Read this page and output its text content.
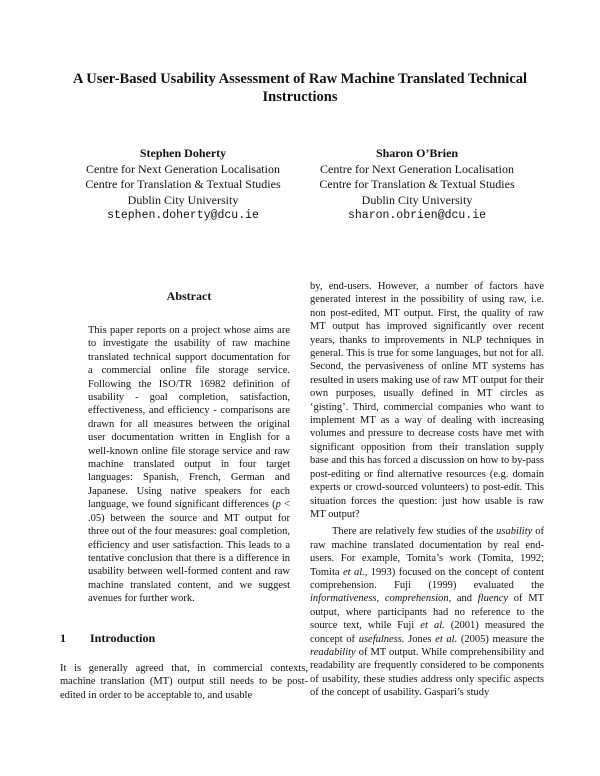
A User-Based Usability Assessment of Raw Machine Translated Technical Instructions
Stephen Doherty
Centre for Next Generation Localisation
Centre for Translation & Textual Studies
Dublin City University
stephen.doherty@dcu.ie
Sharon O’Brien
Centre for Next Generation Localisation
Centre for Translation & Textual Studies
Dublin City University
sharon.obrien@dcu.ie
Abstract

This paper reports on a project whose aims are to investigate the usability of raw machine translated technical support documentation for a commercial online file storage service. Following the ISO/TR 16982 definition of usability - goal completion, satisfaction, effectiveness, and efficiency - comparisons are drawn for all measures between the original user documentation written in English for a well-known online file storage service and raw machine translated output in four target languages: Spanish, French, German and Japanese. Using native speakers for each language, we found significant differences (p < .05) between the source and MT output for three out of the four measures: goal completion, efficiency and user satisfaction. This leads to a tentative conclusion that there is a difference in usability between well-formed content and raw machine translated content, and we suggest avenues for further work.

1 Introduction

It is generally agreed that, in commercial contexts, machine translation (MT) output still needs to be post-edited in order to be acceptable to, and usable

by, end-users. However, a number of factors have generated interest in the possibility of using raw, i.e. non post-edited, MT output. First, the quality of raw MT output has improved significantly over recent years, thanks to improvements in NLP techniques in general. This is true for some languages, but not for all. Second, the pervasiveness of online MT systems has resulted in users making use of raw MT output for their own purposes, usually defined in MT circles as ‘gisting’. Third, commercial companies who want to implement MT as a way of dealing with increasing volumes and pressure to decrease costs have met with significant opposition from their translation supply base and this has forced a discussion on how to by-pass post-editing or find alternative resources (e.g. domain experts or crowd-sourced volunteers) to post-edit. This situation forces the question: just how usable is raw MT output?

There are relatively few studies of the usability of raw machine translated documentation by real end-users. For example, Tomita’s work (Tomita, 1992; Tomita et al., 1993) focused on the concept of content comprehension. Fuji (1999) evaluated the informativeness, comprehension, and fluency of MT output, where participants had no reference to the source text, while Fuji et al. (2001) measured the concept of usefulness. Jones et al. (2005) measure the readability of MT output. While comprehensibility and readability are frequently considered to be components of usability, these studies address only specific aspects of the concept of usability. Gaspari’s study
